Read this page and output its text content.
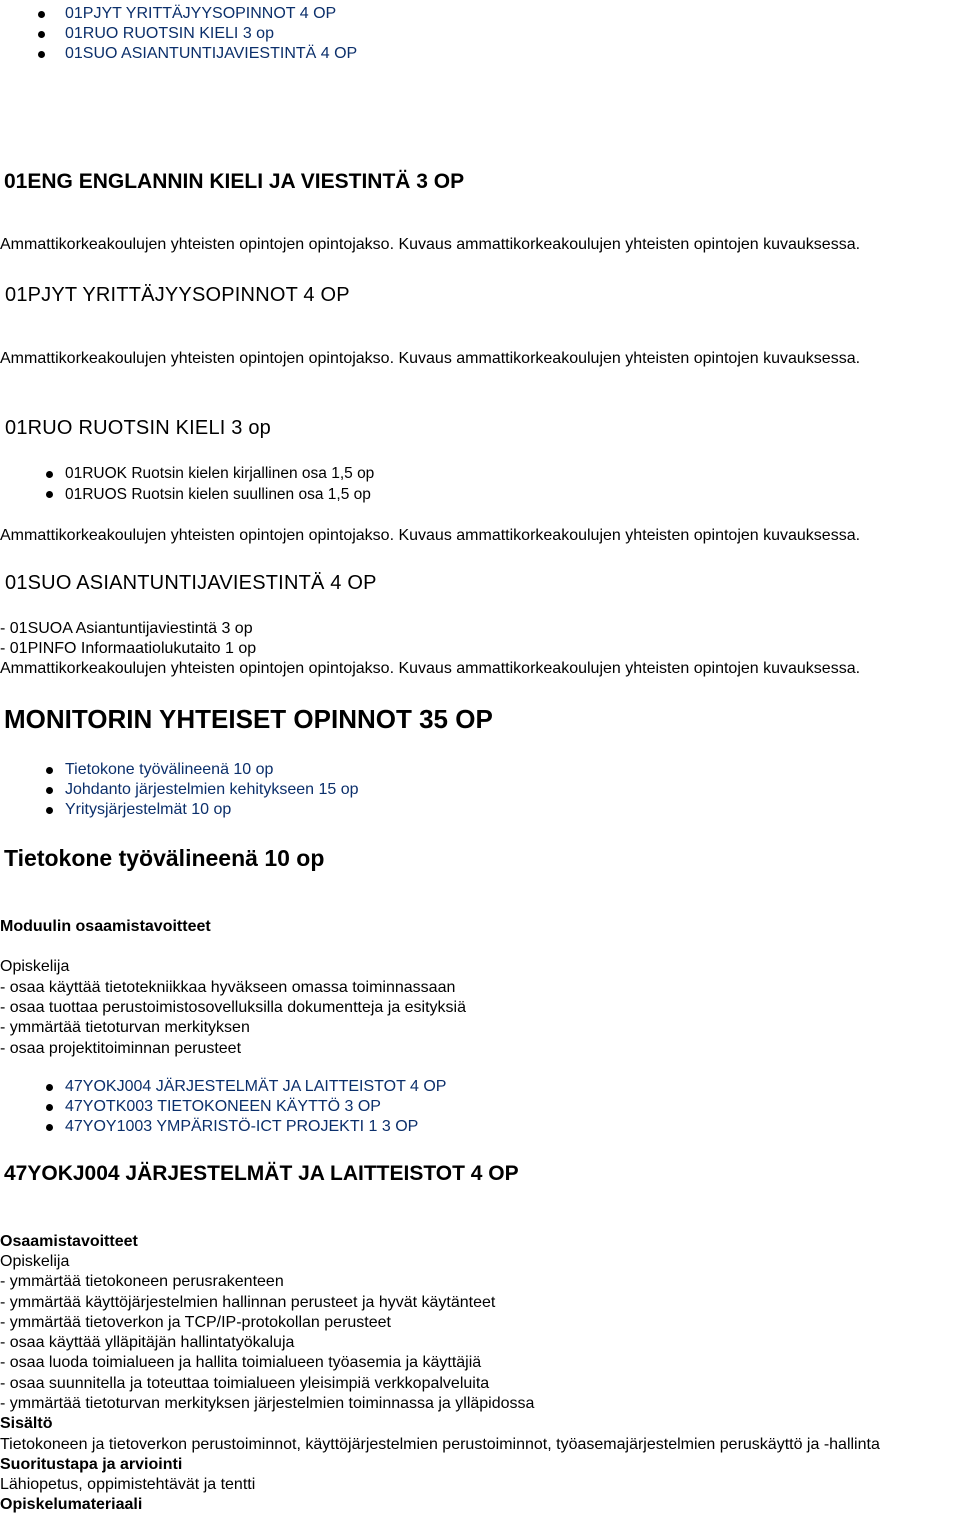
01PJYT YRITTÄJYYSOPINNOT 4 OP
01RUO RUOTSIN KIELI 3 op
01SUO ASIANTUNTIJAVIESTINTÄ 4 OP
01ENG ENGLANNIN KIELI JA VIESTINTÄ 3 OP
Ammattikorkeakoulujen yhteisten opintojen opintojakso. Kuvaus ammattikorkeakoulujen yhteisten opintojen kuvauksessa.
01PJYT YRITTÄJYYSOPINNOT 4 OP
Ammattikorkeakoulujen yhteisten opintojen opintojakso. Kuvaus ammattikorkeakoulujen yhteisten opintojen kuvauksessa.
01RUO RUOTSIN KIELI 3 op
01RUOK Ruotsin kielen kirjallinen osa 1,5 op
01RUOS Ruotsin kielen suullinen osa 1,5 op
Ammattikorkeakoulujen yhteisten opintojen opintojakso. Kuvaus ammattikorkeakoulujen yhteisten opintojen kuvauksessa.
01SUO ASIANTUNTIJAVIESTINTÄ 4 OP
- 01SUOA Asiantuntijaviestintä 3 op
- 01PINFO Informaatiolukutaito 1 op
Ammattikorkeakoulujen yhteisten opintojen opintojakso. Kuvaus ammattikorkeakoulujen yhteisten opintojen kuvauksessa.
MONITORIN YHTEISET OPINNOT 35 OP
Tietokone työvälineenä 10 op
Johdanto järjestelmien kehitykseen 15 op
Yritysjärjestelmät 10 op
Tietokone työvälineenä 10 op
Moduulin osaamistavoitteet
Opiskelija
- osaa käyttää tietotekniikkaa hyväkseen omassa toiminnassaan
- osaa tuottaa perustoimistosovelluksilla dokumentteja ja esityksiä
- ymmärtää tietoturvan merkityksen
- osaa projektitoiminnan perusteet
47YOKJ004 JÄRJESTELMÄT JA LAITTEISTOT 4 OP
47YOTK003 TIETOKONEEN KÄYTTÖ 3 OP
47YOY1003 YMPÄRISTÖ-ICT PROJEKTI 1 3 OP
47YOKJ004 JÄRJESTELMÄT JA LAITTEISTOT 4 OP
Osaamistavoitteet
Opiskelija
- ymmärtää tietokoneen perusrakenteen
- ymmärtää käyttöjärjestelmien hallinnan perusteet ja hyvät käytänteet
- ymmärtää tietoverkon ja TCP/IP-protokollan perusteet
- osaa käyttää ylläpitäjän hallintatyökaluja
- osaa luoda toimialueen ja hallita toimialueen työasemia ja käyttäjiä
- osaa suunnitella ja toteuttaa toimialueen yleisimpiä verkkopalveluita
- ymmärtää tietoturvan merkityksen järjestelmien toiminnassa ja ylläpidossa
Sisältö
Tietokoneen ja tietoverkon perustoiminnot, käyttöjärjestelmien perustoiminnot, työasemajärjestelmien peruskäyttö ja -hallinta
Suoritustapa ja arviointi
Lähiopetus, oppimistehtävät ja tentti
Opiskelumateriaali
